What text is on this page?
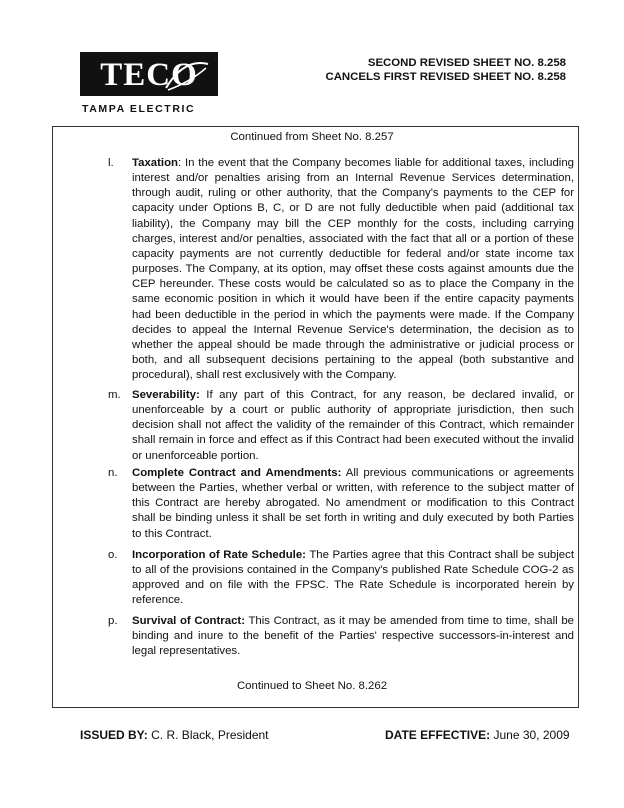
TECO
TAMPA ELECTRIC
SECOND REVISED SHEET NO. 8.258
CANCELS FIRST REVISED SHEET NO. 8.258
Continued from Sheet No. 8.257
l. Taxation: In the event that the Company becomes liable for additional taxes, including interest and/or penalties arising from an Internal Revenue Services determination, through audit, ruling or other authority, that the Company's payments to the CEP for capacity under Options B, C, or D are not fully deductible when paid (additional tax liability), the Company may bill the CEP monthly for the costs, including carrying charges, interest and/or penalties, associated with the fact that all or a portion of these capacity payments are not currently deductible for federal and/or state income tax purposes. The Company, at its option, may offset these costs against amounts due the CEP hereunder. These costs would be calculated so as to place the Company in the same economic position in which it would have been if the entire capacity payments had been deductible in the period in which the payments were made. If the Company decides to appeal the Internal Revenue Service's determination, the decision as to whether the appeal should be made through the administrative or judicial process or both, and all subsequent decisions pertaining to the appeal (both substantive and procedural), shall rest exclusively with the Company.
m. Severability: If any part of this Contract, for any reason, be declared invalid, or unenforceable by a court or public authority of appropriate jurisdiction, then such decision shall not affect the validity of the remainder of this Contract, which remainder shall remain in force and effect as if this Contract had been executed without the invalid or unenforceable portion.
n. Complete Contract and Amendments: All previous communications or agreements between the Parties, whether verbal or written, with reference to the subject matter of this Contract are hereby abrogated. No amendment or modification to this Contract shall be binding unless it shall be set forth in writing and duly executed by both Parties to this Contract.
o. Incorporation of Rate Schedule: The Parties agree that this Contract shall be subject to all of the provisions contained in the Company's published Rate Schedule COG-2 as approved and on file with the FPSC. The Rate Schedule is incorporated herein by reference.
p. Survival of Contract: This Contract, as it may be amended from time to time, shall be binding and inure to the benefit of the Parties' respective successors-in-interest and legal representatives.
Continued to Sheet No. 8.262
ISSUED BY: C. R. Black, President	DATE EFFECTIVE: June 30, 2009
